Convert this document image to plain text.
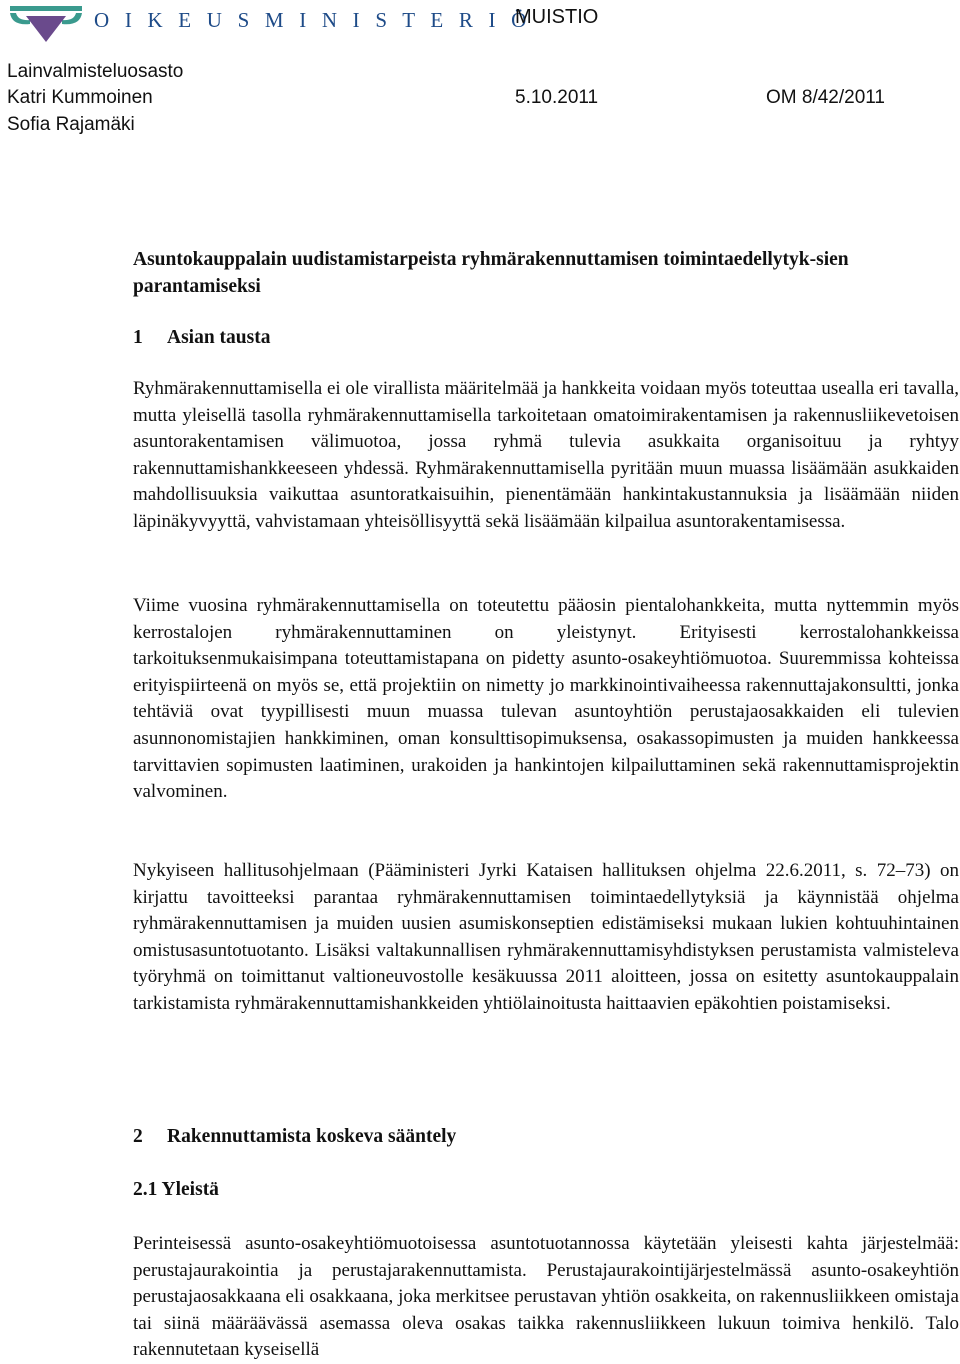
O I K E U S M I N I S T E R I Ö
MUISTIO
Lainvalmisteluosasto
Katri Kummoinen	5.10.2011	OM 8/42/2011
Sofia Rajamäki
Asuntokauppalain uudistamistarpeista ryhmärakennuttamisen toimintaedellytyk-sien parantamiseksi
1 Asian tausta
Ryhmärakennuttamisella ei ole virallista määritelmää ja hankkeita voidaan myös toteuttaa usealla eri tavalla, mutta yleisellä tasolla ryhmärakennuttamisella tarkoitetaan omatoimirakentamisen ja rakennusliikevetoisen asuntorakentamisen välimuotoa, jossa ryhmä tulevia asukkaita organisoituu ja ryhtyy rakennuttamishankkeeseen yhdessä. Ryhmärakennuttamisella pyritään muun muassa lisäämään asukkaiden mahdollisuuksia vaikuttaa asuntoratkaisuihin, pienentämään hankintakustannuksia ja lisäämään niiden läpinäkyvyyttä, vahvistamaan yhteisöllisyyttä sekä lisäämään kilpailua asuntorakentamisessa.
Viime vuosina ryhmärakennuttamisella on toteutettu pääosin pientalohankkeita, mutta nyttemmin myös kerrostalojen ryhmärakennuttaminen on yleistynyt. Erityisesti kerrostalohankkeissa tarkoituksenmukaisimpana toteuttamistapana on pidetty asunto-osakeyhtiömuotoa. Suuremmissa kohteissa erityispiirteenä on myös se, että projektiin on nimetty jo markkinointivaiheessa rakennuttajakonsultti, jonka tehtäviä ovat tyypillisesti muun muassa tulevan asuntoyhtiön perustajaosakkaiden eli tulevien asunnonomistajien hankkiminen, oman konsulttisopimuksensa, osakassopimusten ja muiden hankkeessa tarvittavien sopimusten laatiminen, urakoiden ja hankintojen kilpailuttaminen sekä rakennuttamisprojektin valvominen.
Nykyiseen hallitusohjelmaan (Pääministeri Jyrki Kataisen hallituksen ohjelma 22.6.2011, s. 72–73) on kirjattu tavoitteeksi parantaa ryhmärakennuttamisen toimintaedellytyksiä ja käynnistää ohjelma ryhmärakennuttamisen ja muiden uusien asumiskonseptien edistämiseksi mukaan lukien kohtuuhintainen omistusasuntotuotanto. Lisäksi valtakunnallisen ryhmärakennuttamisyhdistyksen perustamista valmisteleva työryhmä on toimittanut valtioneuvostolle kesäkuussa 2011 aloitteen, jossa on esitetty asuntokauppalain tarkistamista ryhmärakennuttamishankkeiden yhtiölainoitusta haittaavien epäkohtien poistamiseksi.
2 Rakennuttamista koskeva sääntely
2.1 Yleistä
Perinteisessä asunto-osakeyhtiömuotoisessa asuntotuotannossa käytetään yleisesti kahta järjestelmää: perustajaurakointia ja perustajarakennuttamista. Perustajaurakointijärjestelmässä asunto-osakeyhtiön perustajaosakkaana eli osakkaana, joka merkitsee perustavan yhtiön osakkeita, on rakennusliikkeen omistaja tai siinä määräävässä asemassa oleva osakas taikka rakennusliikkeen lukuun toimiva henkilö. Talo rakennutetaan kyseisellä
